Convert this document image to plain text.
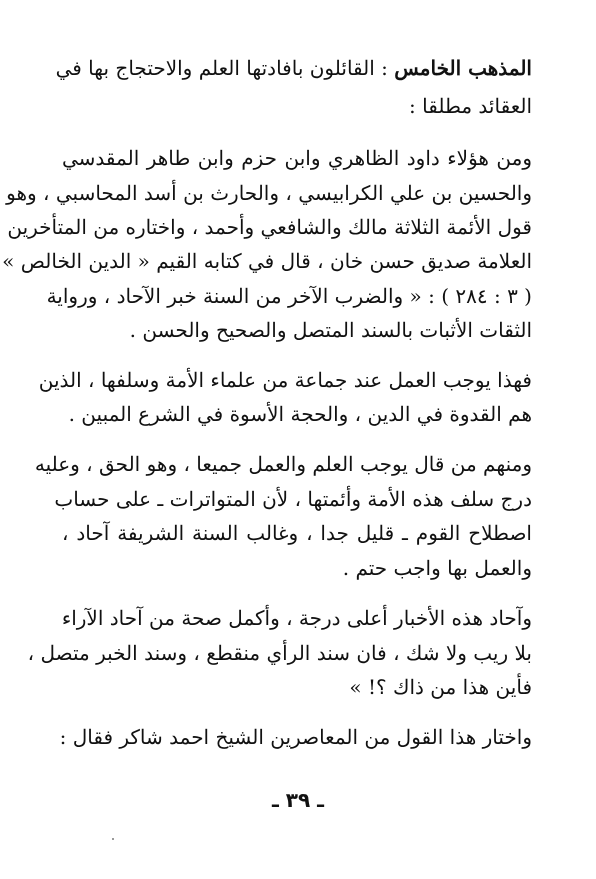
المذهب الخامس : القائلون بافادتها العلم والاحتجاج بها في
العقائد مطلقا :
ومن هؤلاء داود الظاهري وابن حزم وابن طاهر المقدسي
والحسين بن علي الكرابيسي ، والحارث بن أسد المحاسبي ، وهو
قول الأئمة الثلاثة مالك والشافعي وأحمد ، واختاره من المتأخرين
العلامة صديق حسن خان ، قال في كتابه القيم « الدين الخالص »
( ٣ : ٢٨٤ ) : « والضرب الآخر من السنة خبر الآحاد ، ورواية
الثقات الأثبات بالسند المتصل والصحيح والحسن .
فهذا يوجب العمل عند جماعة من علماء الأمة وسلفها ، الذين
هم القدوة في الدين ، والحجة الأسوة في الشرع المبين .
ومنهم من قال يوجب العلم والعمل جميعا ، وهو الحق ، وعليه
درج سلف هذه الأمة وأئمتها ، لأن المتواترات ـ على حساب
اصطلاح القوم ـ قليل جدا ، وغالب السنة الشريفة آحاد ،
والعمل بها واجب حتم .
وآحاد هذه الأخبار أعلى درجة ، وأكمل صحة من آحاد الآراء
بلا ريب ولا شك ، فان سند الرأي منقطع ، وسند الخبر متصل ،
فأين هذا من ذاك ؟! »
واختار هذا القول من المعاصرين الشيخ احمد شاكر فقال :
ـ ٣٩ ـ
